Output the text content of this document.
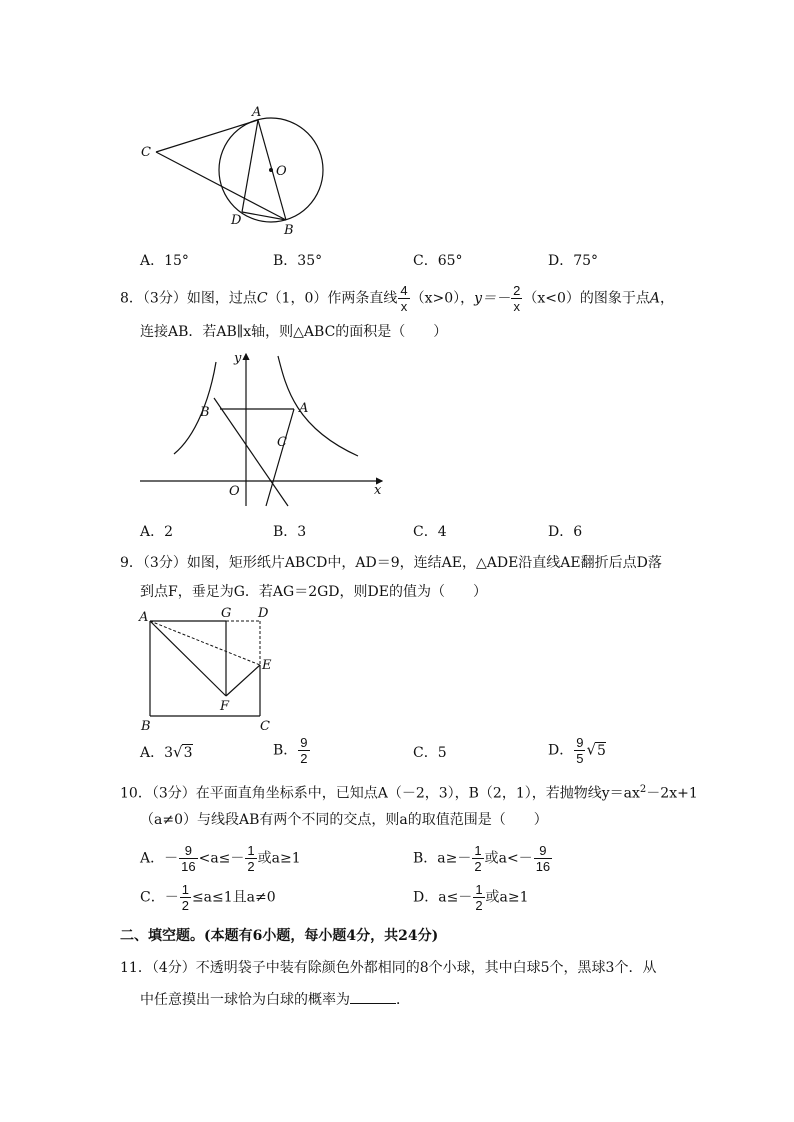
A
O
C
D
B
A．15°	B．35°	C．65°	D．75°
8．（3分）如图，过点C（1，0）作两条直线 $\frac{4}{x} (x>0)$，$y=- \frac{2}{x} (x<0)$的图象于点A，
连接AB．若AB∥x轴，则△ABC的面积是（　　）
y
B	A
C
O	x
A．2	B．3	C．4	D．6
9．（3分）如图，矩形纸片ABCD中，AD＝9，连结AE，△ADE沿直线AE翻折后点D落
到点F，垂足为G．若AG＝2GD，则DE的值为（　　）
A	G D
E
F
B	C
A．3√3	B． $\frac{9}{2}$	C．5	D． $\frac{9}{5} √5$
10．（3分）在平面直角坐标系中，已知点A（－2，3），B（2，1），若抛物线$y=ax^2-2x+1$
（a≠0）与线段AB有两个不同的交点，则a的取值范围是（　　）
A．－ $\frac{9}{16} <a\le- \frac{1}{2}$ 或a≥1	B．$a\ge- \frac{1}{2}$ 或$a<- \frac{9}{16}$
C．－ $\frac{1}{2} \le a\le 1$且a≠0	D．$a\le- \frac{1}{2}$ 或a≥1
二、填空题。(本题有6小题，每小题4分，共24分)
11．（4分）不透明袋子中装有除颜色外都相同的8个小球，其中白球5个，黑球3个．从
中任意摸出一球恰为白球的概率为	．
